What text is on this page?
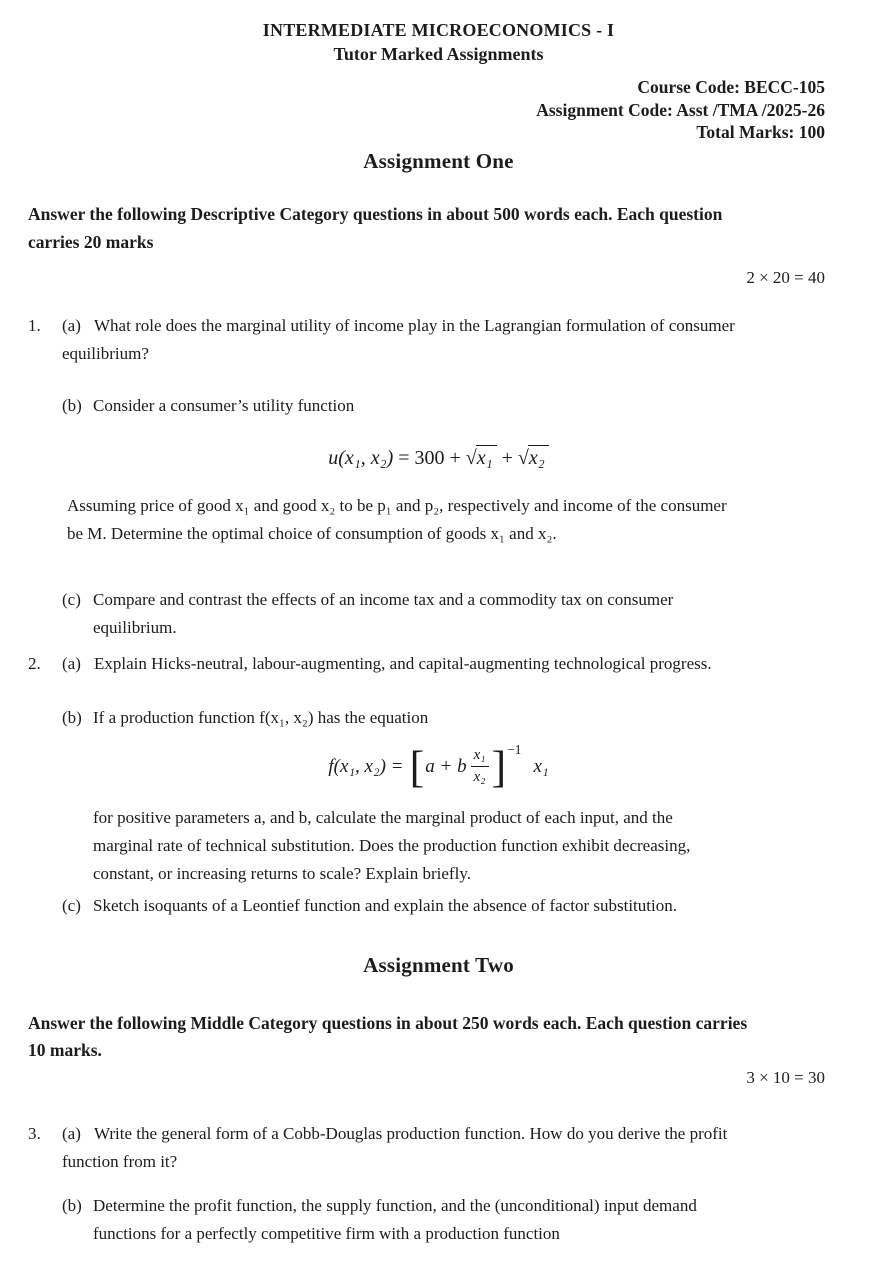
INTERMEDIATE MICROECONOMICS - I
Tutor Marked Assignments
Course Code: BECC-105
Assignment Code: Asst /TMA /2025-26
Total Marks: 100
Assignment One
Answer the following Descriptive Category questions in about 500 words each. Each question
carries 20 marks
2 × 20 = 40
1. (a) What role does the marginal utility of income play in the Lagrangian formulation of consumer
equilibrium?
(b) Consider a consumer’s utility function
u(x₁, x₂) = 300 + √x₁ + √x₂
Assuming price of good x₁ and good x₂ to be p₁ and p₂, respectively and income of the consumer
be M. Determine the optimal choice of consumption of goods x₁ and x₂.
(c) Compare and contrast the effects of an income tax and a commodity tax on consumer
equilibrium.
2. (a) Explain Hicks-neutral, labour-augmenting, and capital-augmenting technological progress.
(b) If a production function f(x₁, x₂) has the equation
f(x₁, x₂) = [ a + b $\frac{\text{x₁}}{\text{x₂}}$ ] −1
x₁
for positive parameters a, and b, calculate the marginal product of each input, and the
marginal rate of technical substitution. Does the production function exhibit decreasing,
constant, or increasing returns to scale? Explain briefly.
(c) Sketch isoquants of a Leontief function and explain the absence of factor substitution.
Assignment Two
Answer the following Middle Category questions in about 250 words each. Each question carries
10 marks.
3 × 10 = 30
3. (a) Write the general form of a Cobb-Douglas production function. How do you derive the profit
function from it?
(b) Determine the profit function, the supply function, and the (unconditional) input demand
functions for a perfectly competitive firm with a production function
